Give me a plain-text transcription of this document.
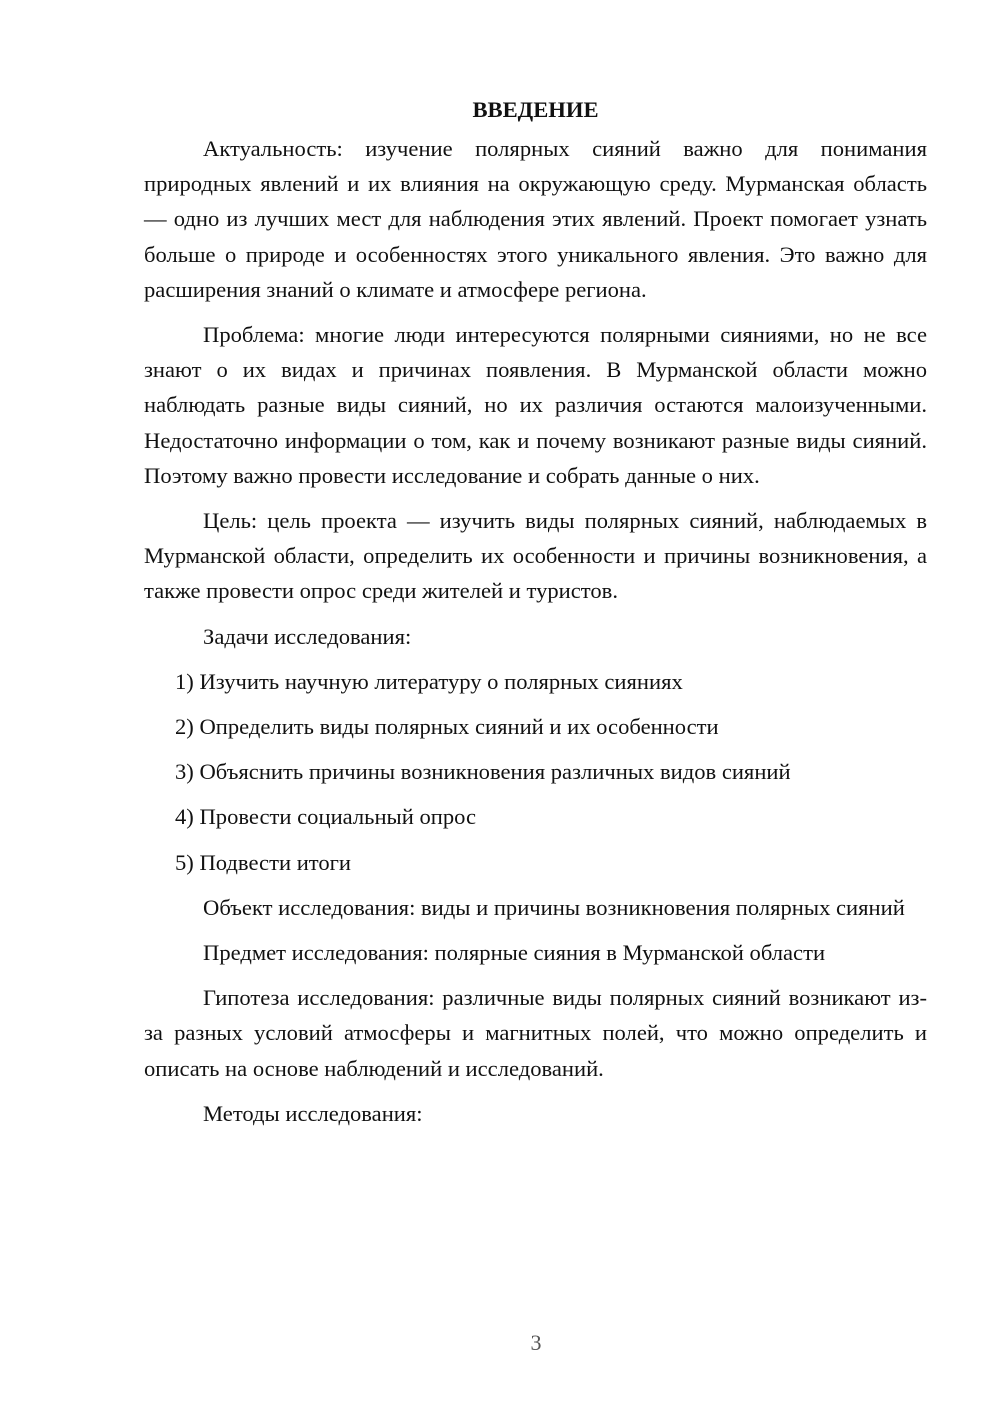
ВВЕДЕНИЕ

Актуальность: изучение полярных сияний важно для понимания природных явлений и их влияния на окружающую среду. Мурманская область — одно из лучших мест для наблюдения этих явлений. Проект помогает узнать больше о природе и особенностях этого уникального явления. Это важно для расширения знаний о климате и атмосфере региона.

Проблема: многие люди интересуются полярными сияниями, но не все знают о их видах и причинах появления. В Мурманской области можно наблюдать разные виды сияний, но их различия остаются малоизученными. Недостаточно информации о том, как и почему возникают разные виды сияний. Поэтому важно провести исследование и собрать данные о них.

Цель: цель проекта — изучить виды полярных сияний, наблюдаемых в Мурманской области, определить их особенности и причины возникновения, а также провести опрос среди жителей и туристов.

Задачи исследования:

1) Изучить научную литературу о полярных сияниях
2) Определить виды полярных сияний и их особенности
3) Объяснить причины возникновения различных видов сияний
4) Провести социальный опрос
5) Подвести итоги

Объект исследования: виды и причины возникновения полярных сияний

Предмет исследования: полярные сияния в Мурманской области

Гипотеза исследования: различные виды полярных сияний возникают из-за разных условий атмосферы и магнитных полей, что можно определить и описать на основе наблюдений и исследований.

Методы исследования:

3
